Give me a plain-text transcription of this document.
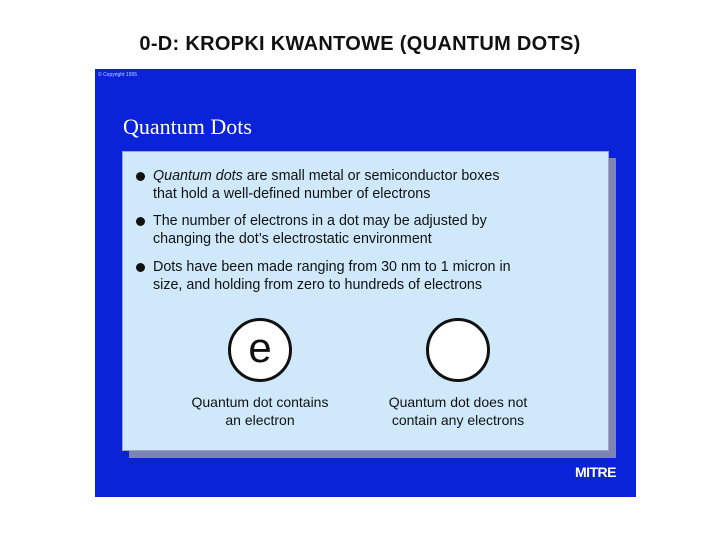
0-D: KROPKI KWANTOWE (QUANTUM DOTS)
© Copyright 1995
Quantum Dots
Quantum dots are small metal or semiconductor boxes
that hold a well-defined number of electrons
The number of electrons in a dot may be adjusted by
changing the dot’s electrostatic environment
Dots have been made ranging from 30 nm to 1 micron in
size, and holding from zero to hundreds of electrons
e
Quantum dot contains
an electron
Quantum dot does not
contain any electrons
MITRE
